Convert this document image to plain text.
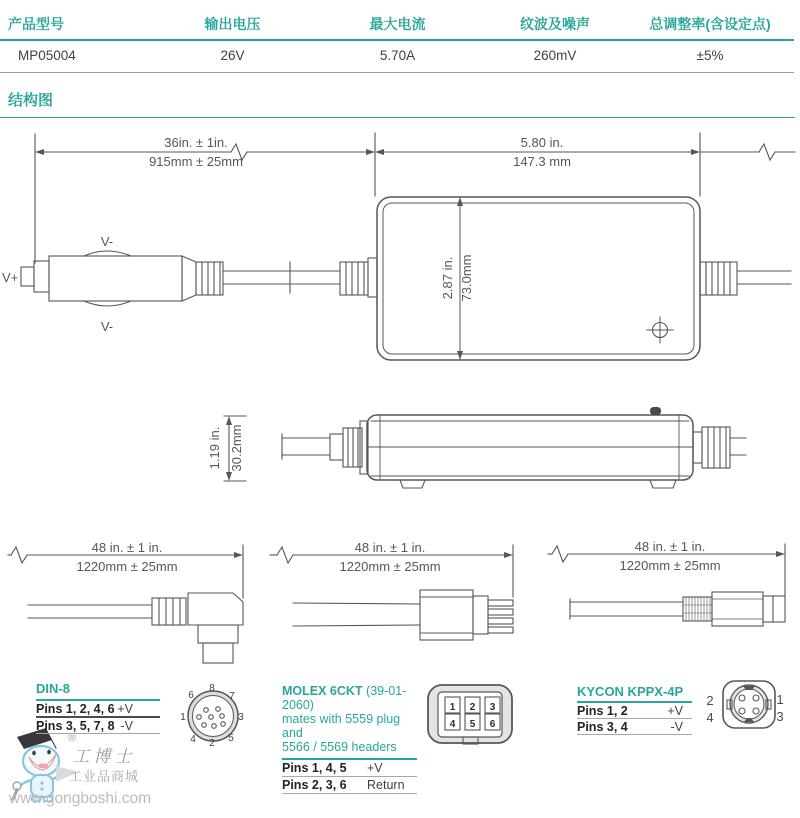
36in. ± 1in.
915mm ± 25mm
5.80 in.
147.3 mm
V+
V-
V-
2.87 in. 73.0mm
1.19 in. 30.2mm
48 in. ± 1 in.
1220mm ± 25mm
48 in. ± 1 in.
1220mm ± 25mm
48 in. ± 1 in.
1220mm ± 25mm
8
6	7
1	3
4	5
2
1 2 3
4 5 6
2	1
4	3
®
工博士
工业品商城
www.gongboshi.com
产品型号	输出电压	最大电流	纹波及噪声	总调整率(含设定点)
MP05004	26V	5.70A	260mV	±5%
结构图
DIN-8
Pins 1, 2, 4, 6 +V
Pins 3, 5, 7, 8 -V
MOLEX 6CKT (39-01-2060)
mates with 5559 plug and
5566 / 5569 headers
Pins 1, 4, 5	+V
Pins 2, 3, 6	Return
KYCON KPPX-4P
Pins 1, 2	+V
Pins 3, 4	-V
